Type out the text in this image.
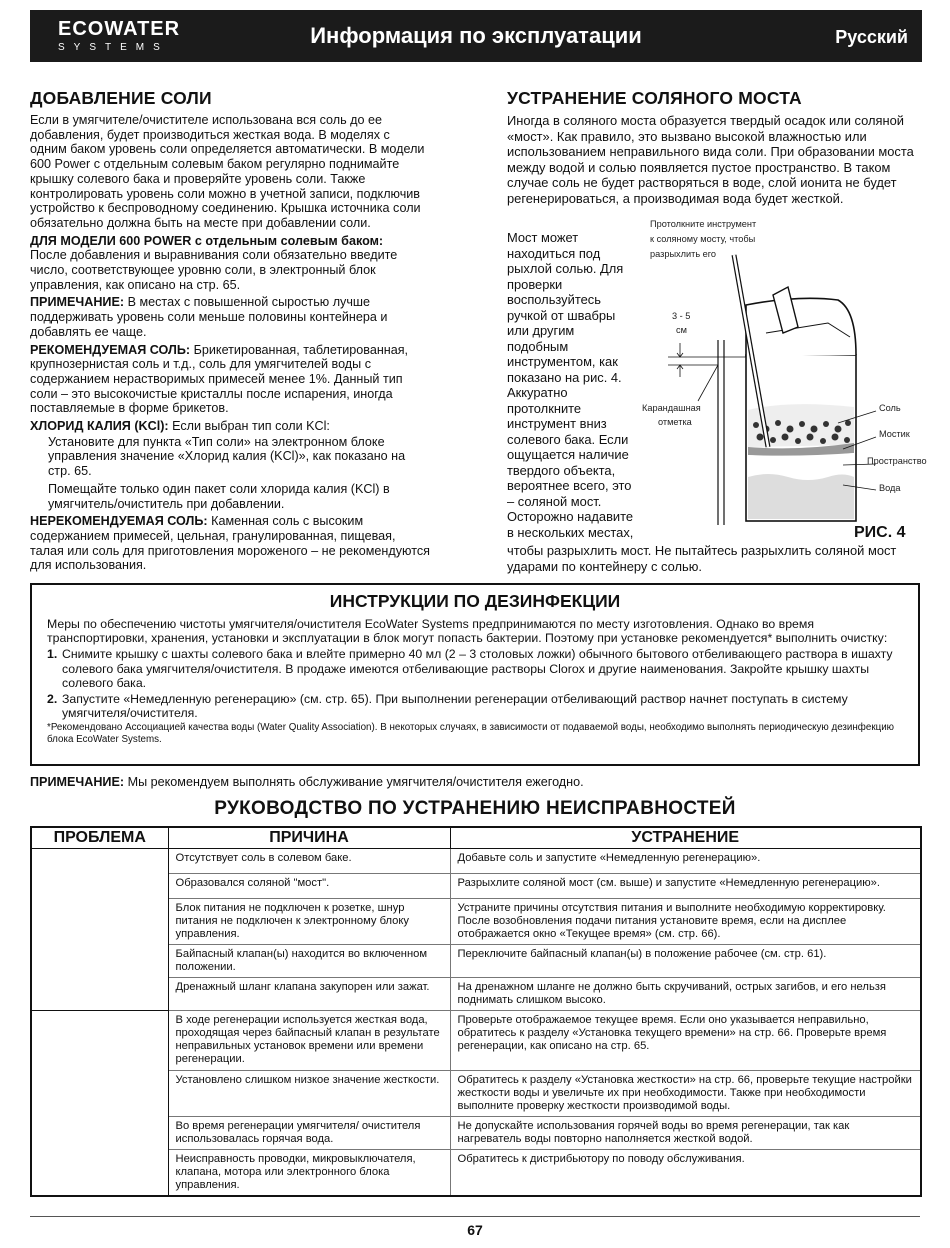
ECOWATER
SYSTEMS	Информация по эксплуатации	Русский
ДОБАВЛЕНИЕ СОЛИ

Если в умягчителе/очистителе использована вся соль до ее добавления, будет производиться жесткая вода. В моделях с одним баком уровень соли определяется автоматически. В модели 600 Power с отдельным солевым баком регулярно поднимайте крышку солевого бака и проверяйте уровень соли. Также контролировать уровень соли можно в учетной записи, подключив устройство к беспроводному соединению. Крышка источника соли обязательно должна быть на месте при добавлении соли.

ДЛЯ МОДЕЛИ 600 POWER с отдельным солевым баком:
После добавления и выравнивания соли обязательно введите число, соответствующее уровню соли, в электронный блок управления, как описано на стр. 65.

ПРИМЕЧАНИЕ: В местах с повышенной сыростью лучше поддерживать уровень соли меньше половины контейнера и добавлять ее чаще.

РЕКОМЕНДУЕМАЯ СОЛЬ: Брикетированная, таблетированная, крупнозернистая соль и т.д., соль для умягчителей воды с содержанием нерастворимых примесей менее 1%. Данный тип соли – это высокочистые кристаллы после испарения, иногда поставляемые в форме брикетов.

ХЛОРИД КАЛИЯ (KCl): Если выбран тип соли KCl:

Установите для пункта «Тип соли» на электронном блоке управления значение «Хлорид калия (KCl)», как показано на стр. 65.

Помещайте только один пакет соли хлорида калия (KCl) в умягчитель/очиститель при добавлении.

НЕРЕКОМЕНДУЕМАЯ СОЛЬ: Каменная соль с высоким содержанием примесей, цельная, гранулированная, пищевая, талая или соль для приготовления мороженого – не рекомендуются для использования.

УСТРАНЕНИЕ СОЛЯНОГО МОСТА
Иногда в соляного моста образуется твердый осадок или соляной «мост». Как правило, это вызвано высокой влажностью или использованием неправильного вида соли. При образовании моста между водой и солью появляется пустое пространство. В таком случае соль не будет растворяться в воде, слой ионита не будет регенерироваться, а производимая вода будет жесткой.
Мост может находиться под рыхлой солью. Для проверки воспользуйтесь ручкой от швабры или другим подобным инструментом, как показано на рис. 4. Аккуратно протолкните инструмент вниз солевого бака. Если ощущается наличие твердого объекта, вероятнее всего, это – соляной мост. Осторожно надавите в нескольких местах,
чтобы разрыхлить мост. Не пытайтесь разрыхлить соляной мост ударами по контейнеру с солью.
Протолкните инструмент
к соляному мосту, чтобы
разрыхлить его
3 - 5
см
Карандашная
отметка
Соль
Мостик
Пространство
Вода
РИС. 4
ИНСТРУКЦИИ ПО ДЕЗИНФЕКЦИИ

Меры по обеспечению чистоты умягчителя/очистителя EcoWater Systems предпринимаются по месту изготовления. Однако во время транспортировки, хранения, установки и эксплуатации в блок могут попасть бактерии. Поэтому при установке рекомендуется* выполнить очистку:

1. Снимите крышку с шахты солевого бака и влейте примерно 40 мл (2 – 3 столовых ложки) обычного бытового отбеливающего раствора в ишахту солевого бака умягчителя/очистителя. В продаже имеются отбеливающие растворы Clorox и другие наименования. Закройте крышку шахты солевого бака.
2. Запустите «Немедленную регенерацию» (см. стр. 65). При выполнении регенерации отбеливающий раствор начнет поступать в систему умягчителя/очистителя.

*Рекомендовано Ассоциацией качества воды (Water Quality Association). В некоторых случаях, в зависимости от подаваемой воды, необходимо выполнять периодическую дезинфекцию блока EcoWater Systems.

ПРИМЕЧАНИЕ: Мы рекомендуем выполнять обслуживание умягчителя/очистителя ежегодно.
РУКОВОДСТВО ПО УСТРАНЕНИЮ НЕИСПРАВНОСТЕЙ
ПРОБЛЕМА	ПРИЧИНА	УСТРАНЕНИЕ
	Отсутствует соль в солевом баке.	Добавьте соль и запустите «Немедленную регенерацию».
	Образовался соляной "мост".	Разрыхлите соляной мост (см. выше) и запустите «Немедленную регенерацию».
	Блок питания не подключен к розетке, шнур питания не подключен к электронному блоку управления.	Устраните причины отсутствия питания и выполните необходимую корректировку. После возобновления подачи питания установите время, если на дисплее отображается окно «Текущее время» (см. стр. 66).
	Байпасный клапан(ы) находится во включенном положении.	Переключите байпасный клапан(ы) в положение рабочее (см. стр. 61).
	Дренажный шланг клапана закупорен или зажат.	На дренажном шланге не должно быть скручиваний, острых загибов, и его нельзя поднимать слишком высоко.
	В ходе регенерации используется жесткая вода, проходящая через байпасный клапан в результате неправильных установок времени или времени регенерации.	Проверьте отображаемое текущее время. Если оно указывается неправильно, обратитесь к разделу «Установка текущего времени» на стр. 66. Проверьте время регенерации, как описано на стр. 65.
	Установлено слишком низкое значение жесткости.	Обратитесь к разделу «Установка жесткости» на стр. 66, проверьте текущие настройки жесткости воды и увеличьте их при необходимости. Также при необходимости выполните проверку жесткости производимой воды.
	Во время регенерации умягчителя/ очистителя использовалась горячая вода.	Не допускайте использования горячей воды во время регенерации, так как нагреватель воды повторно наполняется жесткой водой.
	Неисправность проводки, микровыключателя, клапана, мотора или электронного блока управления.	Обратитесь к дистрибьютору по поводу обслуживания.
67
